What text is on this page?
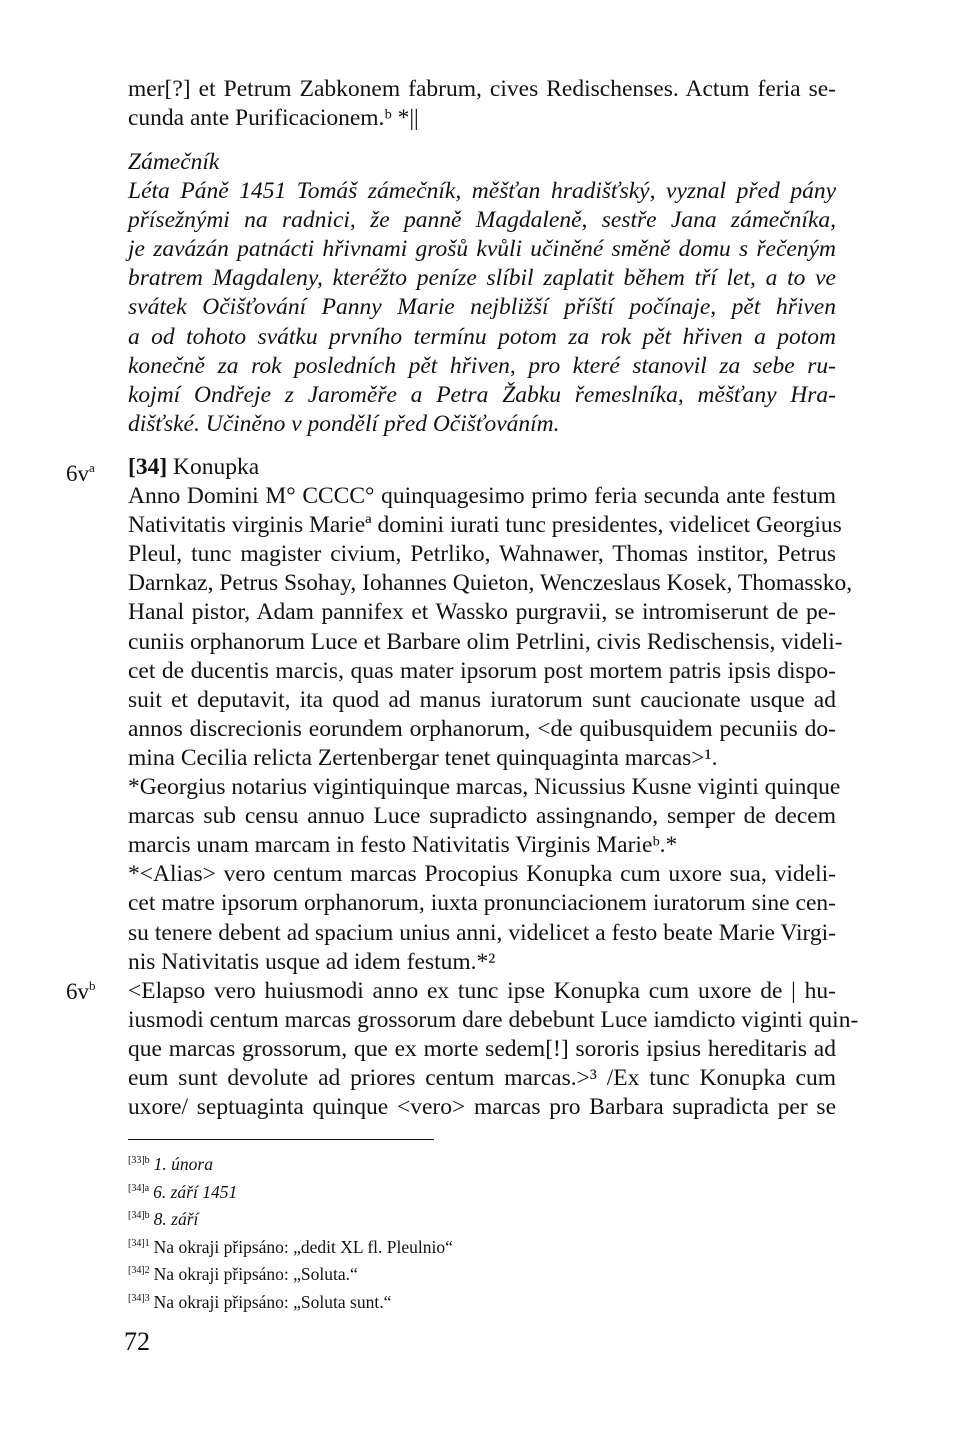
mer[?] et Petrum Zabkonem fabrum, cives Redischenses. Actum feria se-
cunda ante Purificacionem.ᵇ *||
Zámečník
Léta Páně 1451 Tomáš zámečník, měšťan hradišťský, vyznal před pány
přísežnými na radnici, že panně Magdaleně, sestře Jana zámečníka,
je zavázán patnácti hřivnami grošů kvůli učiněné směně domu s řečeným
bratrem Magdaleny, kteréžto peníze slíbil zaplatit během tří let, a to ve
svátek Očišťování Panny Marie nejbližší příští počínaje, pět hřiven
a od tohoto svátku prvního termínu potom za rok pět hřiven a potom
konečně za rok posledních pět hřiven, pro které stanovil za sebe ru-
kojmí Ondřeje z Jaroměře a Petra Žabku řemeslníka, měšťany Hra-
dišťské. Učiněno v pondělí před Očišťováním.
$6v^a$
$6v^b$
[34] Konupka
Anno Domini M° CCCC° quinquagesimo primo feria secunda ante festum
Nativitatis virginis Marieª domini iurati tunc presidentes, videlicet Georgius
Pleul, tunc magister civium, Petrliko, Wahnawer, Thomas institor, Petrus
Darnkaz, Petrus Ssohay, Iohannes Quieton, Wenczeslaus Kosek, Thomassko,
Hanal pistor, Adam pannifex et Wassko purgravii, se intromiserunt de pe-
cuniis orphanorum Luce et Barbare olim Petrlini, civis Redischensis, videli-
cet de ducentis marcis, quas mater ipsorum post mortem patris ipsis dispo-
suit et deputavit, ita quod ad manus iuratorum sunt caucionate usque ad
annos discrecionis eorundem orphanorum, <de quibusquidem pecuniis do-
mina Cecilia relicta Zertenbergar tenet quinquaginta marcas>¹.
*Georgius notarius vigintiquinque marcas, Nicussius Kusne viginti quinque
marcas sub censu annuo Luce supradicto assingnando, semper de decem
marcis unam marcam in festo Nativitatis Virginis Marieᵇ.*
*<Alias> vero centum marcas Procopius Konupka cum uxore sua, videli-
cet matre ipsorum orphanorum, iuxta pronunciacionem iuratorum sine cen-
su tenere debent ad spacium unius anni, videlicet a festo beate Marie Virgi-
nis Nativitatis usque ad idem festum.*²
<Elapso vero huiusmodi anno ex tunc ipse Konupka cum uxore de | hu-
iusmodi centum marcas grossorum dare debebunt Luce iamdicto viginti quin-
que marcas grossorum, que ex morte sedem[!] sororis ipsius hereditaris ad
eum sunt devolute ad priores centum marcas.>³ /Ex tunc Konupka cum
uxore/ septuaginta quinque <vero> marcas pro Barbara supradicta per se
$^{[33]b}$ 1. února
$^{[34]a}$ 6. září 1451
$^{[34]b}$ 8. září
$^{[34]1}$ Na okraji připsáno: „dedit XL fl. Pleulnio“
$^{[34]2}$ Na okraji připsáno: „Soluta.“
$^{[34]3}$ Na okraji připsáno: „Soluta sunt.“
72
